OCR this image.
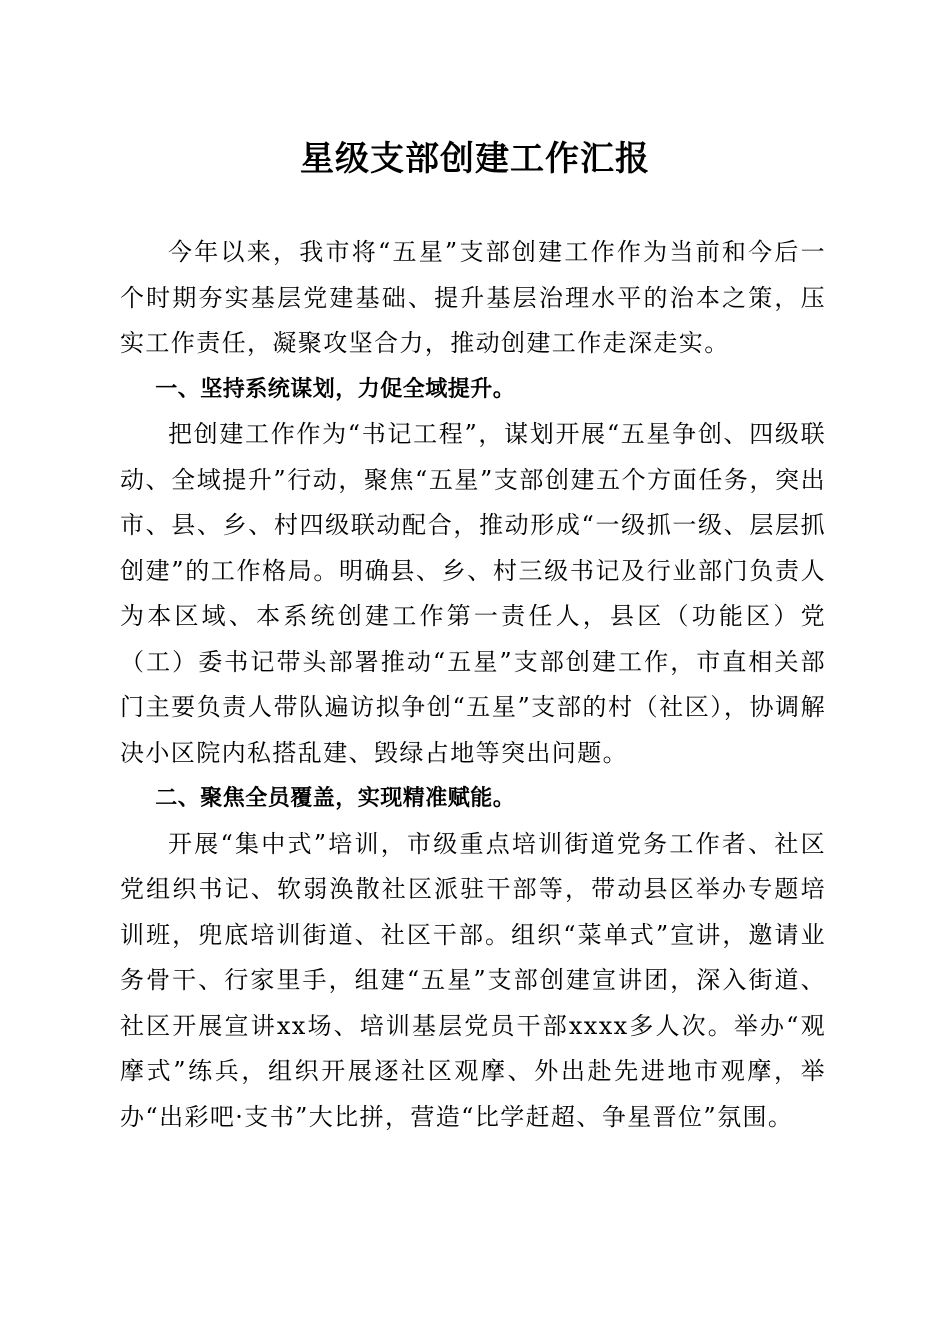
星级支部创建工作汇报

今年以来，我市将“五星”支部创建工作作为当前和今后一个时期夯实基层党建基础、提升基层治理水平的治本之策，压实工作责任，凝聚攻坚合力，推动创建工作走深走实。

一、坚持系统谋划，力促全域提升。

把创建工作作为“书记工程”，谋划开展“五星争创、四级联动、全域提升”行动，聚焦“五星”支部创建五个方面任务，突出市、县、乡、村四级联动配合，推动形成“一级抓一级、层层抓创建”的工作格局。明确县、乡、村三级书记及行业部门负责人为本区域、本系统创建工作第一责任人，县区（功能区）党（工）委书记带头部署推动“五星”支部创建工作，市直相关部门主要负责人带队遍访拟争创“五星”支部的村（社区），协调解决小区院内私搭乱建、毁绿占地等突出问题。

二、聚焦全员覆盖，实现精准赋能。

开展“集中式”培训，市级重点培训街道党务工作者、社区党组织书记、软弱涣散社区派驻干部等，带动县区举办专题培训班，兜底培训街道、社区干部。组织“菜单式”宣讲，邀请业务骨干、行家里手，组建“五星”支部创建宣讲团，深入街道、社区开展宣讲xx场、培训基层党员干部xxxx多人次。举办“观摩式”练兵，组织开展逐社区观摩、外出赴先进地市观摩，举办“出彩吧·支书”大比拼，营造“比学赶超、争星晋位”氛围。
